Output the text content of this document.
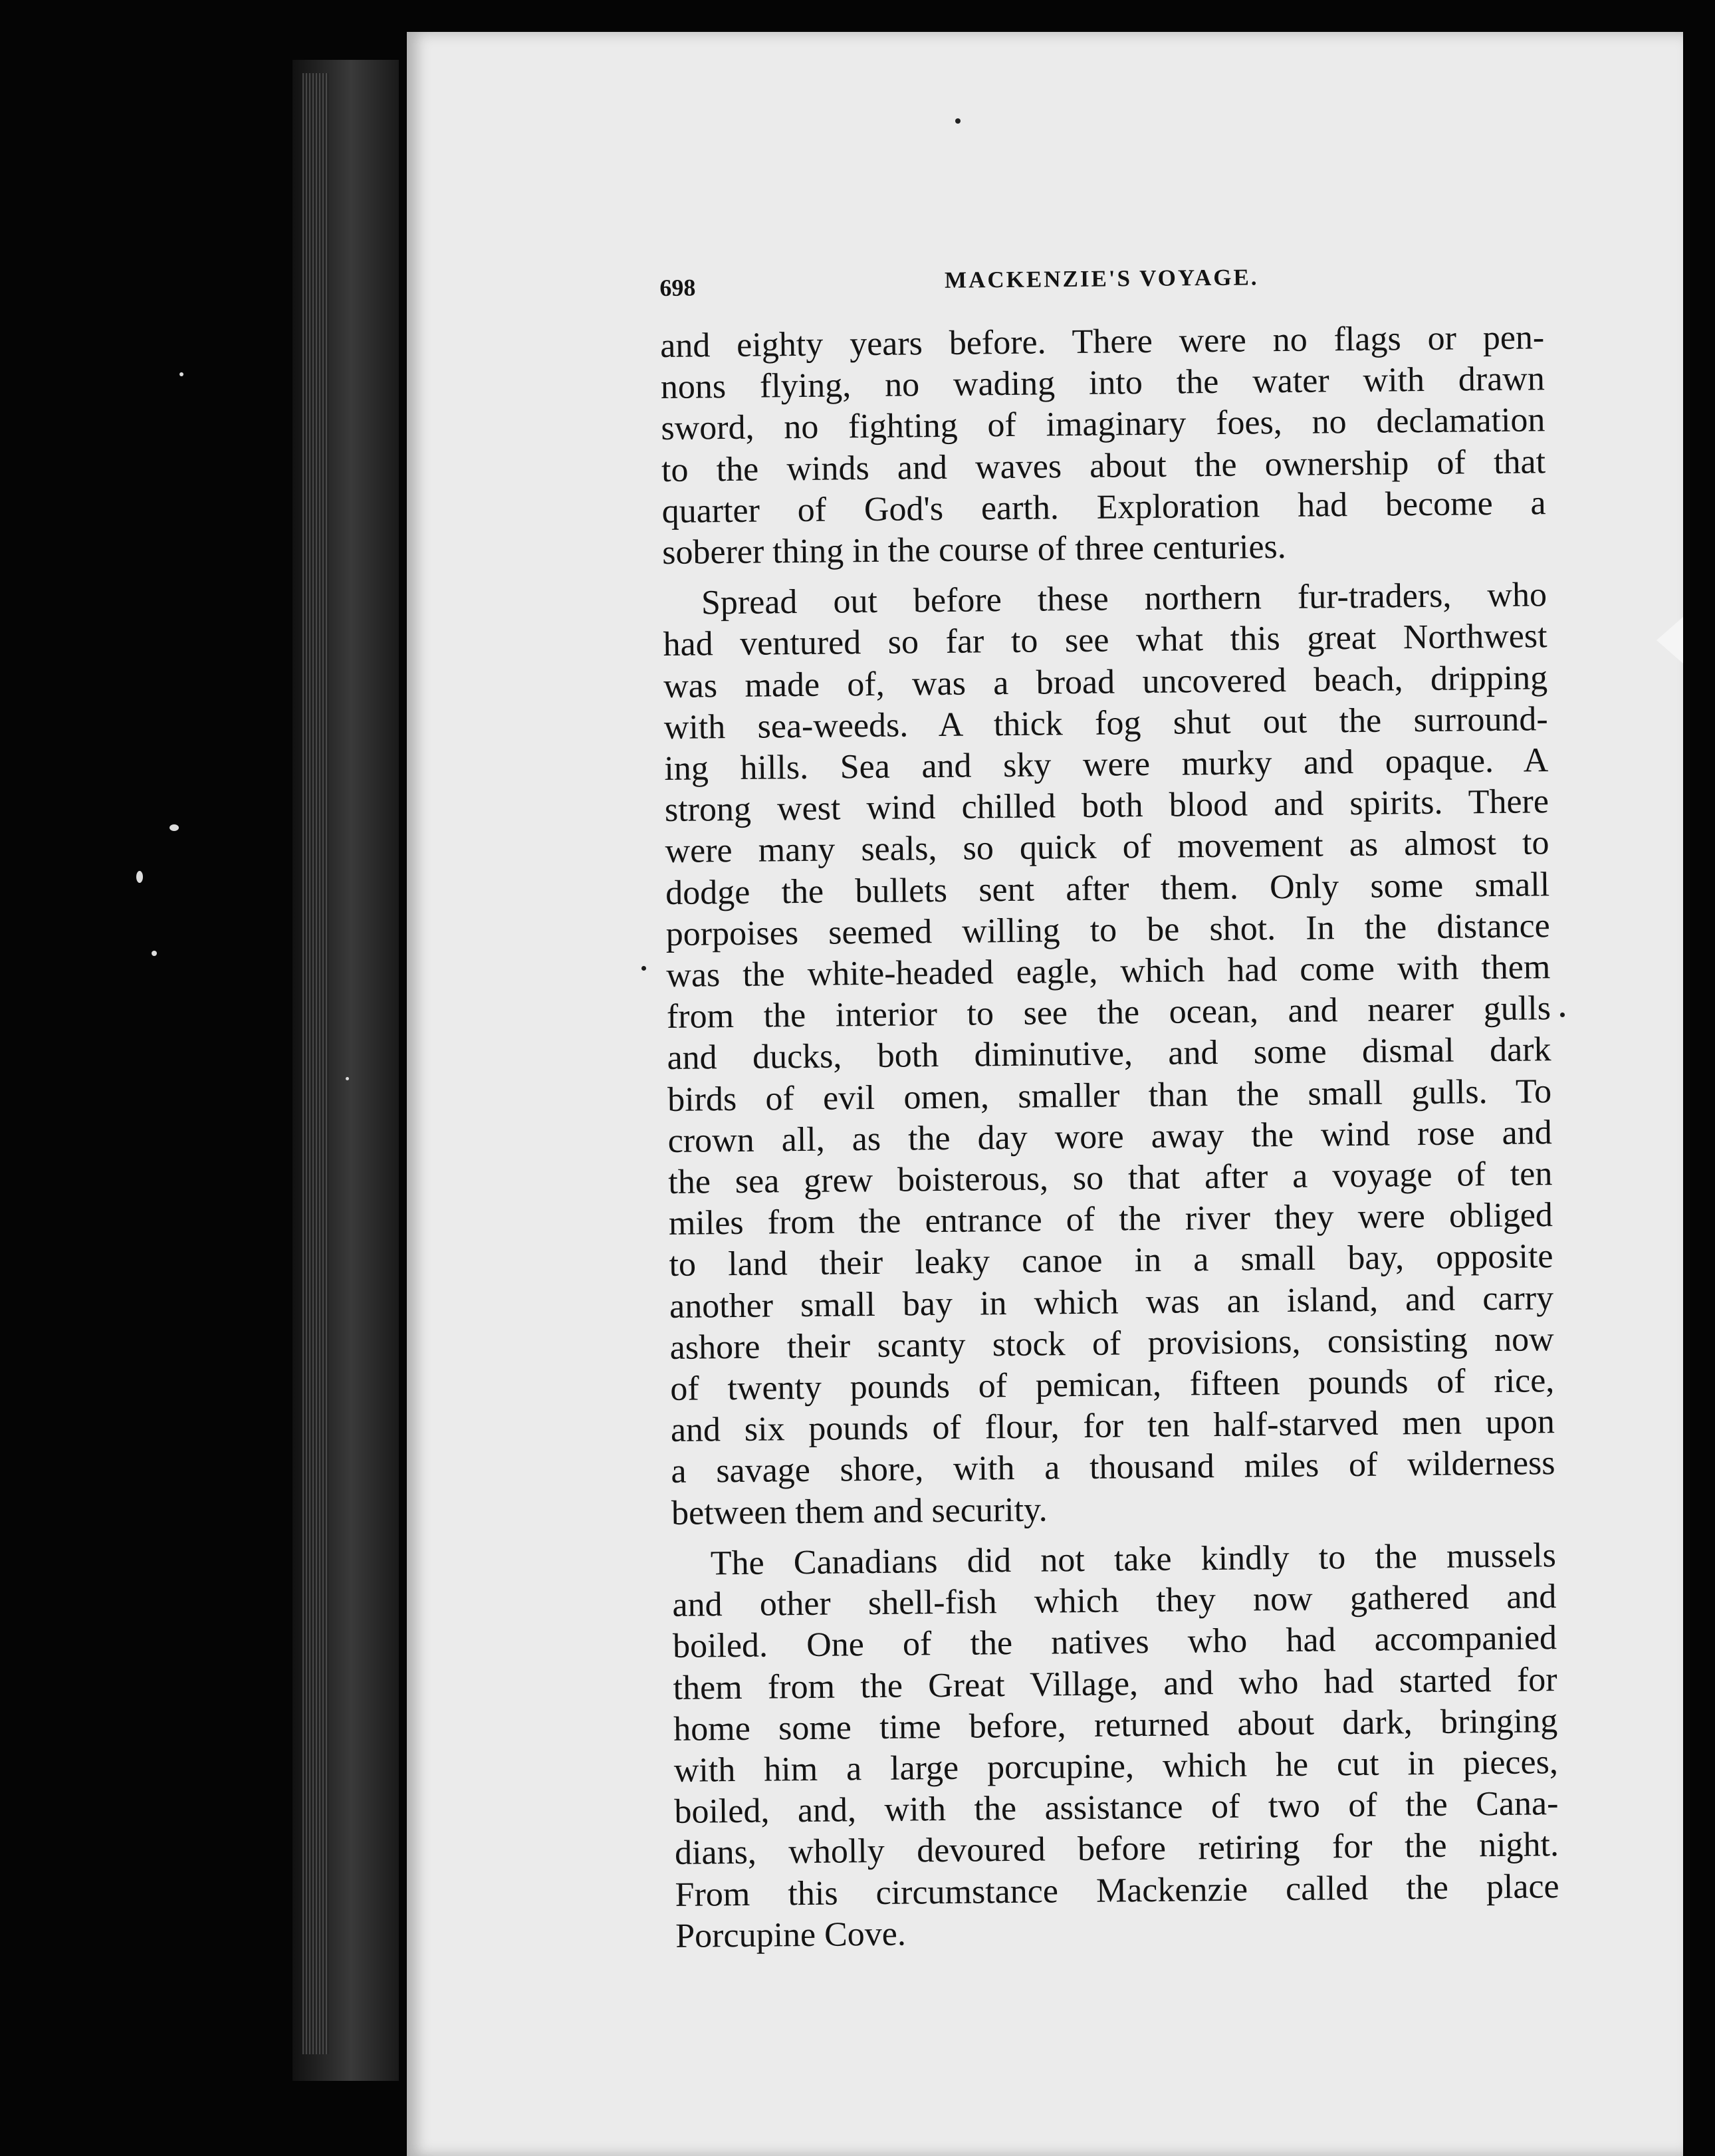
698	MACKENZIE'S VOYAGE.
and eighty years before. There were no flags or pen-
nons flying, no wading into the water with drawn
sword, no fighting of imaginary foes, no declamation
to the winds and waves about the ownership of that
quarter of God's earth. Exploration had become a
soberer thing in the course of three centuries.
Spread out before these northern fur-traders, who
had ventured so far to see what this great Northwest
was made of, was a broad uncovered beach, dripping
with sea-weeds. A thick fog shut out the surround-
ing hills. Sea and sky were murky and opaque. A
strong west wind chilled both blood and spirits. There
were many seals, so quick of movement as almost to
dodge the bullets sent after them. Only some small
porpoises seemed willing to be shot. In the distance
was the white-headed eagle, which had come with them
from the interior to see the ocean, and nearer gulls
and ducks, both diminutive, and some dismal dark
birds of evil omen, smaller than the small gulls. To
crown all, as the day wore away the wind rose and
the sea grew boisterous, so that after a voyage of ten
miles from the entrance of the river they were obliged
to land their leaky canoe in a small bay, opposite
another small bay in which was an island, and carry
ashore their scanty stock of provisions, consisting now
of twenty pounds of pemican, fifteen pounds of rice,
and six pounds of flour, for ten half-starved men upon
a savage shore, with a thousand miles of wilderness
between them and security.
The Canadians did not take kindly to the mussels
and other shell-fish which they now gathered and
boiled. One of the natives who had accompanied
them from the Great Village, and who had started for
home some time before, returned about dark, bringing
with him a large porcupine, which he cut in pieces,
boiled, and, with the assistance of two of the Cana-
dians, wholly devoured before retiring for the night.
From this circumstance Mackenzie called the place
Porcupine Cove.
